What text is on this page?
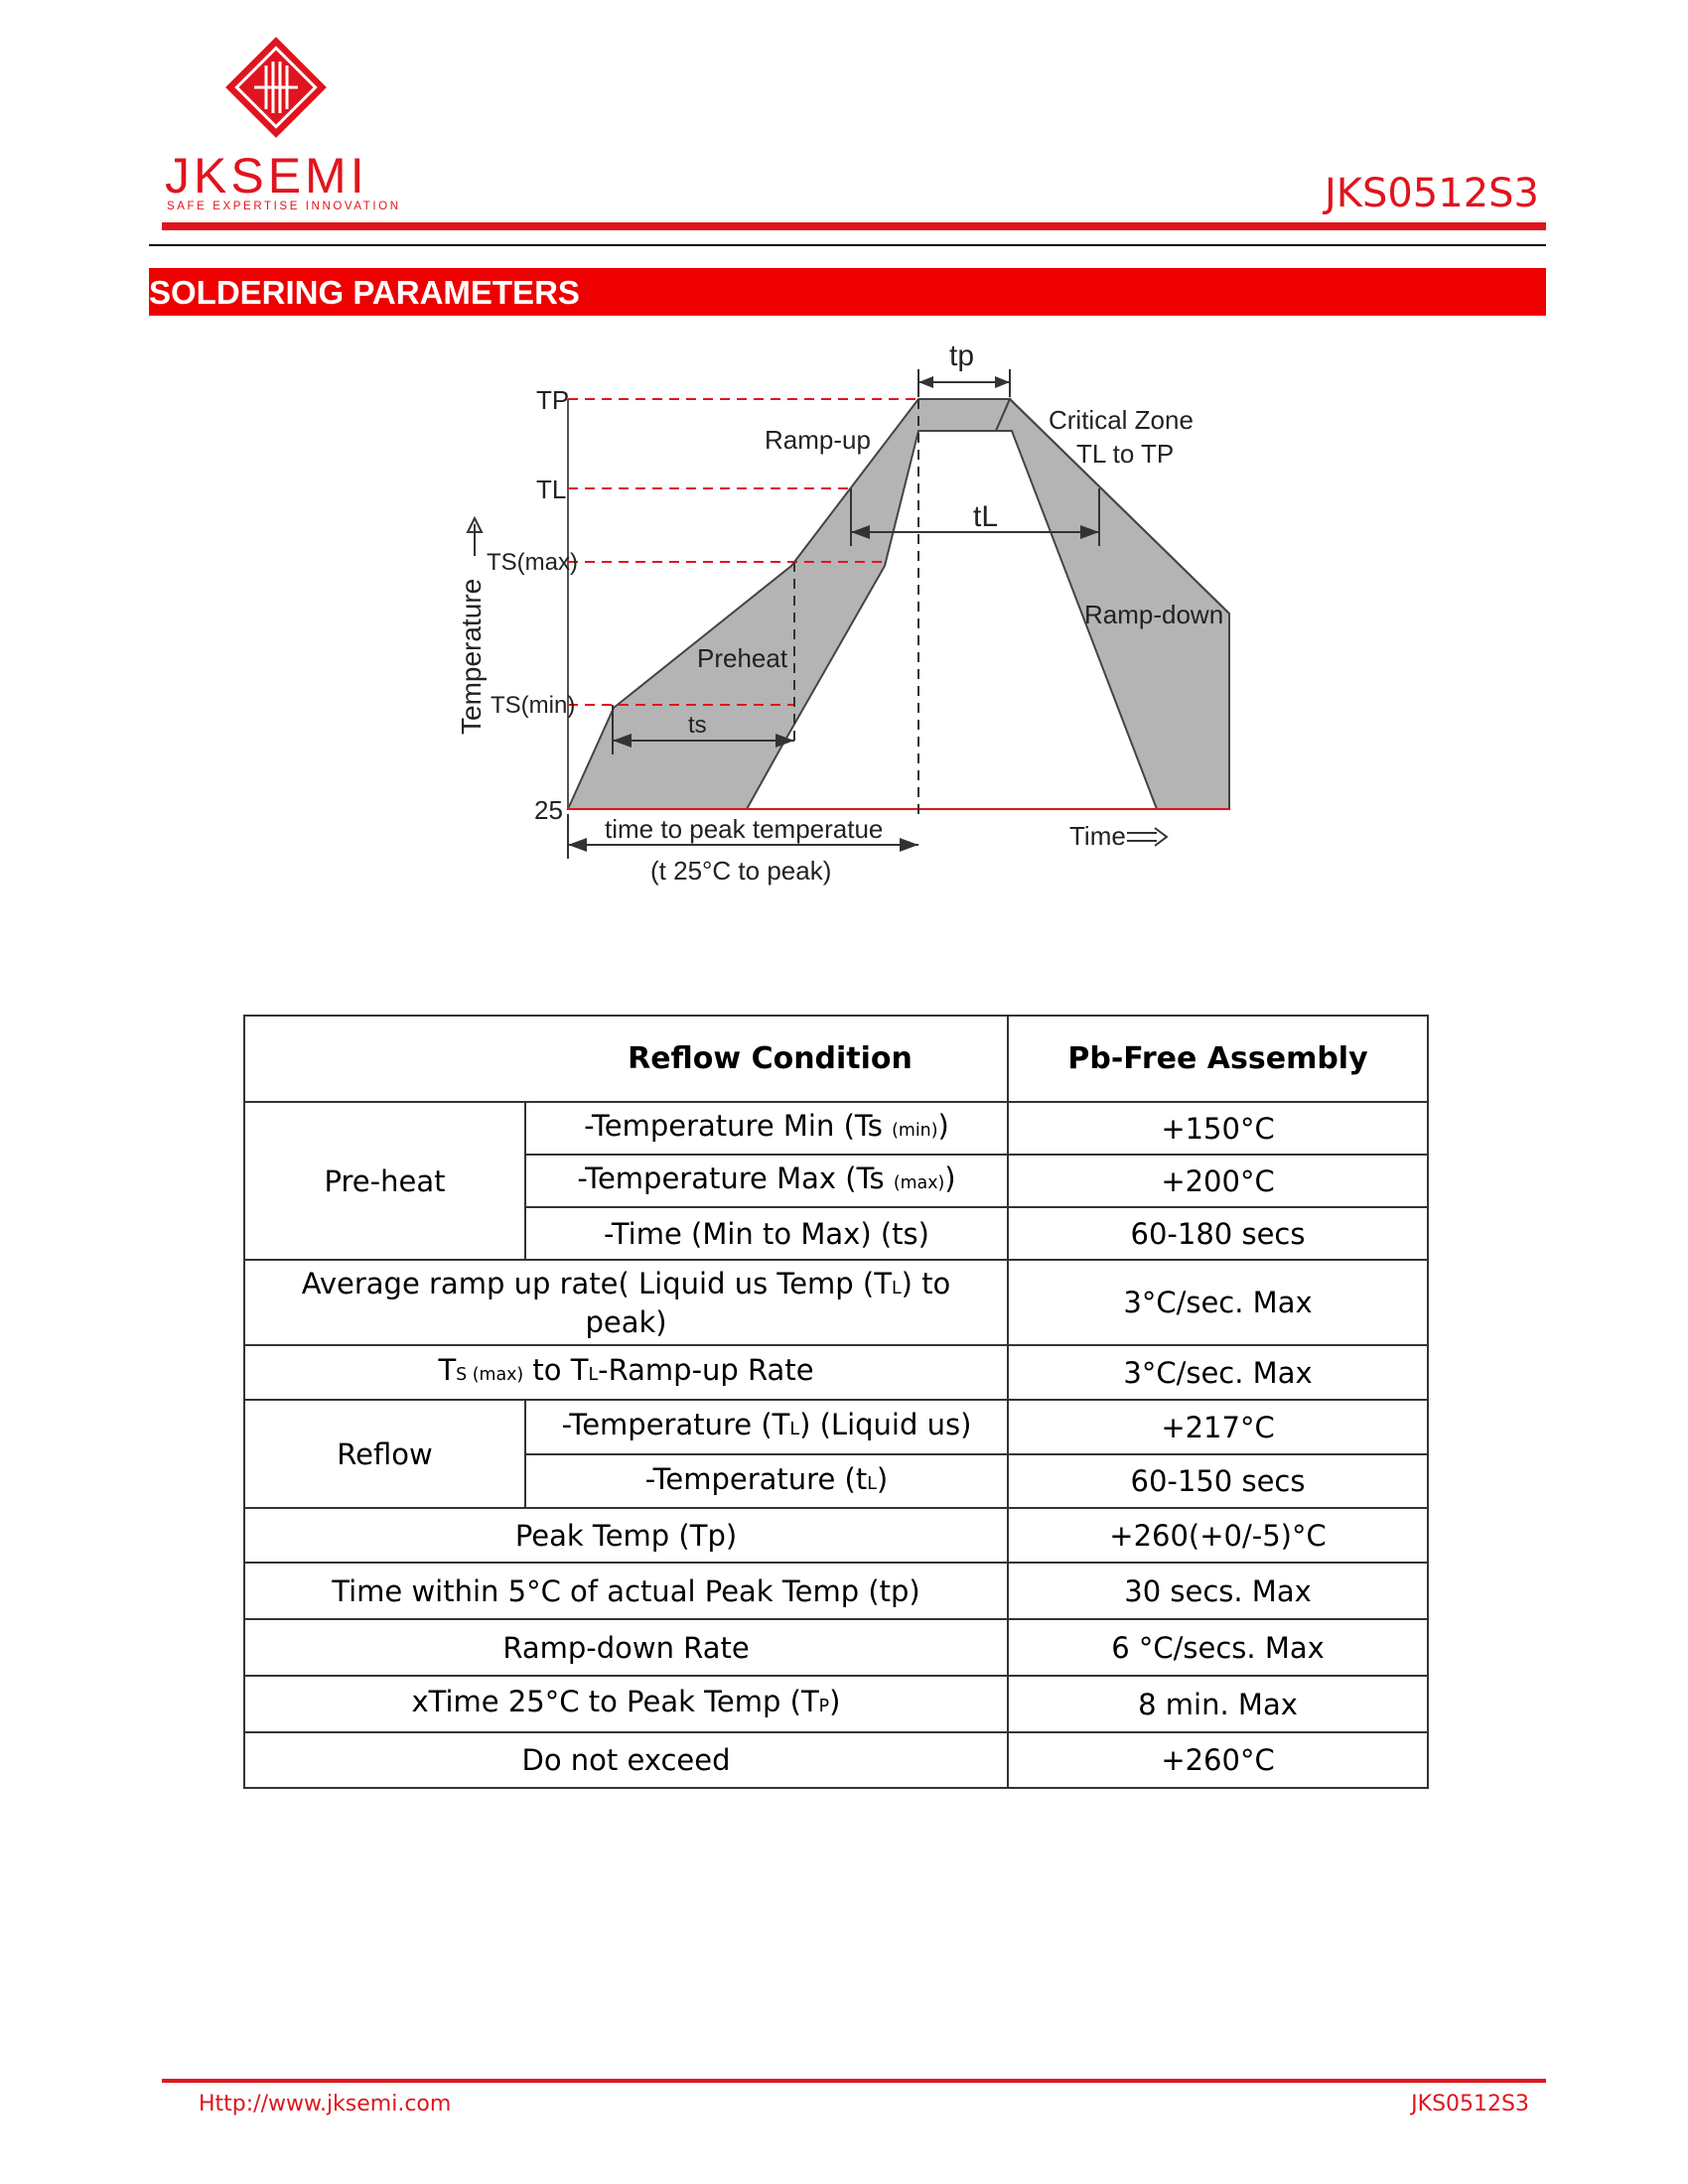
JKSEMI
SAFE EXPERTISE INNOVATION	JKS0512S3
SOLDERING PARAMETERS
TP
TL
TS(max)
TS(min)
25
Temperature
Time
tp
tL
ts
Ramp-up
Preheat
Ramp-down
Critical Zone
TL to TP
time to peak temperatue
(t 25°C to peak)
Reflow Condition		Pb-Free Assembly
Pre-heat	-Temperature Min (Ts (min))	+150°C
	-Temperature Max (Ts (max))	+200°C
	-Time (Min to Max) (ts)	60-180 secs
Average ramp up rate( Liquid us Temp (TL) to peak)		3°C/sec. Max
TS (max) to TL-Ramp-up Rate		3°C/sec. Max
Reflow	-Temperature (TL) (Liquid us)	+217°C
	-Temperature (tL)	60-150 secs
Peak Temp (Tp)		+260(+0/-5)°C
Time within 5°C of actual Peak Temp (tp)		30 secs. Max
Ramp-down Rate		6 °C/secs. Max
xTime 25°C to Peak Temp (TP)		8 min. Max
Do not exceed		+260°C
Http://www.jksemi.com	JKS0512S3
